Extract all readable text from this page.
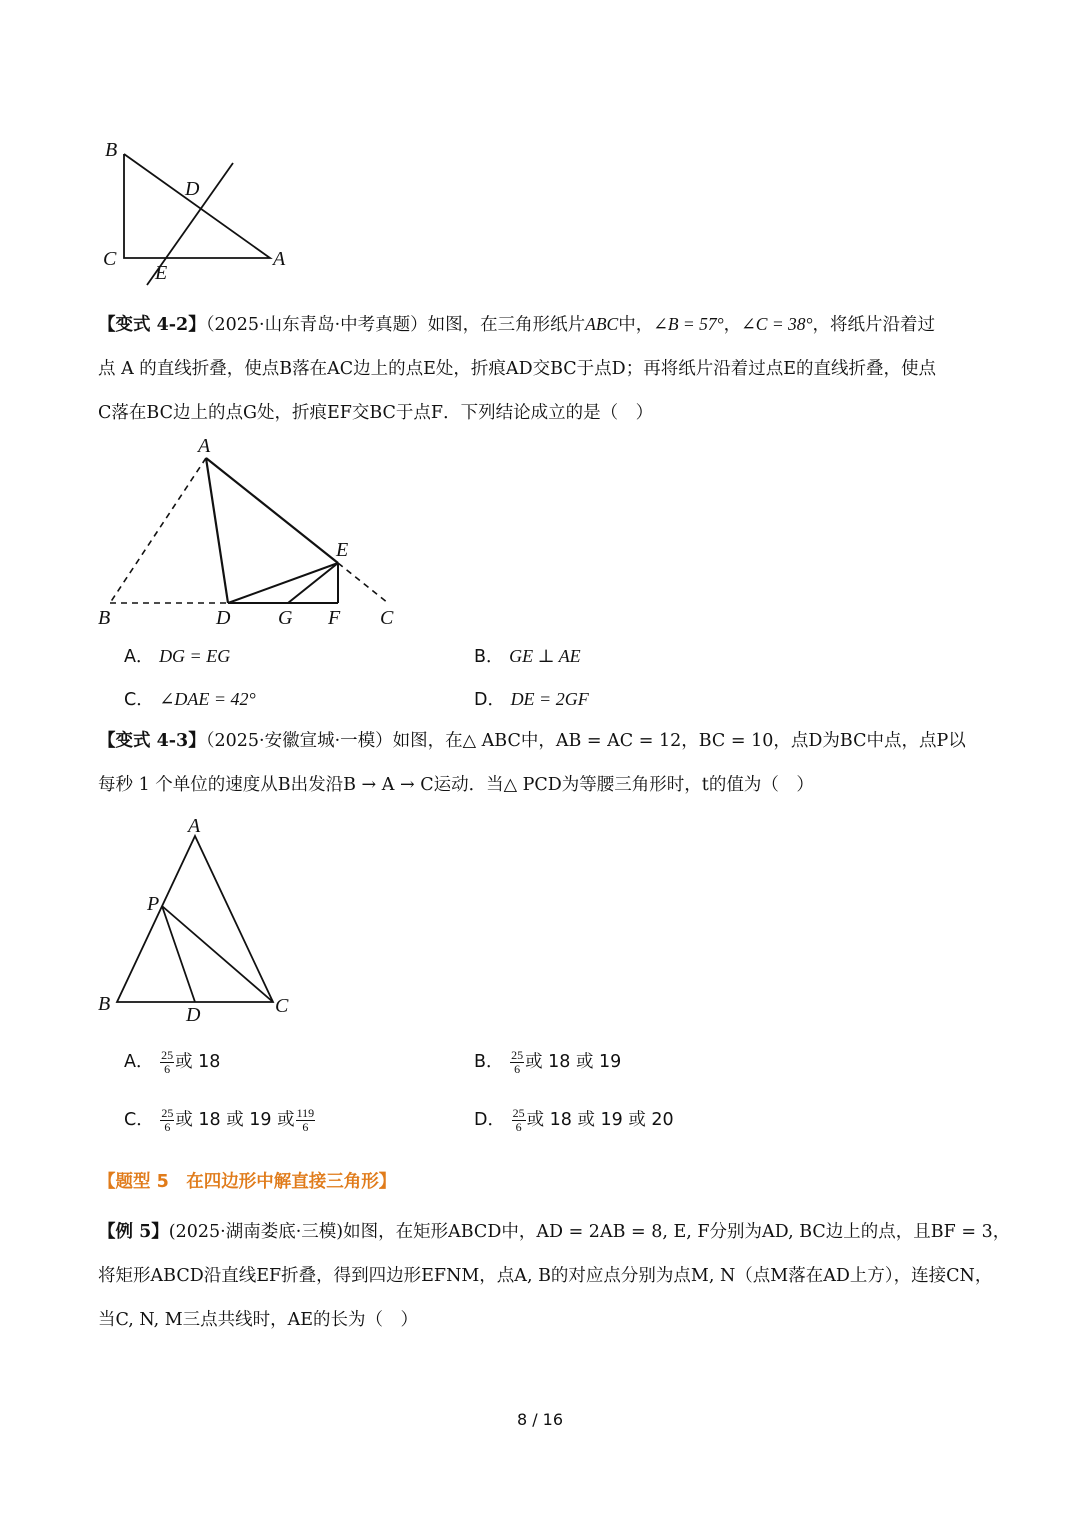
B
D
C
E
A
【变式 4-2】（2025·山东青岛·中考真题）如图，在三角形纸片ABC中，∠B = 57°，∠C = 38°，将纸片沿着过
点 A 的直线折叠，使点B落在AC边上的点E处，折痕AD交BC于点D；再将纸片沿着过点E的直线折叠，使点
C落在BC边上的点G处，折痕EF交BC于点F．下列结论成立的是（　）
A
E
B	D G F C
A． DG = EG	B． GE ⊥ AE
C． ∠DAE = 42°	D． DE = 2GF
【变式 4-3】（2025·安徽宣城·一模）如图，在△ ABC中，AB = AC = 12，BC = 10，点D为BC中点，点P以
每秒 1 个单位的速度从B出发沿B → A → C运动．当△ PCD为等腰三角形时，t的值为（　）
A
P
B	D	C
A． $\frac{25}{6}$ 或 18	B． $\frac{25}{6}$ 或 18 或 19
C． $\frac{25}{6}$ 或 18 或 19 或 $\frac{119}{6}$	D． $\frac{25}{6}$ 或 18 或 19 或 20
【题型 5　在四边形中解直接三角形】
【例 5】(2025·湖南娄底·三模)如图，在矩形ABCD中，AD = 2AB = 8, E, F分别为AD, BC边上的点，且BF = 3，
将矩形ABCD沿直线EF折叠，得到四边形EFNM，点A, B的对应点分别为点M, N（点M落在AD上方），连接CN，
当C, N, M三点共线时，AE的长为（　）
8 / 16
